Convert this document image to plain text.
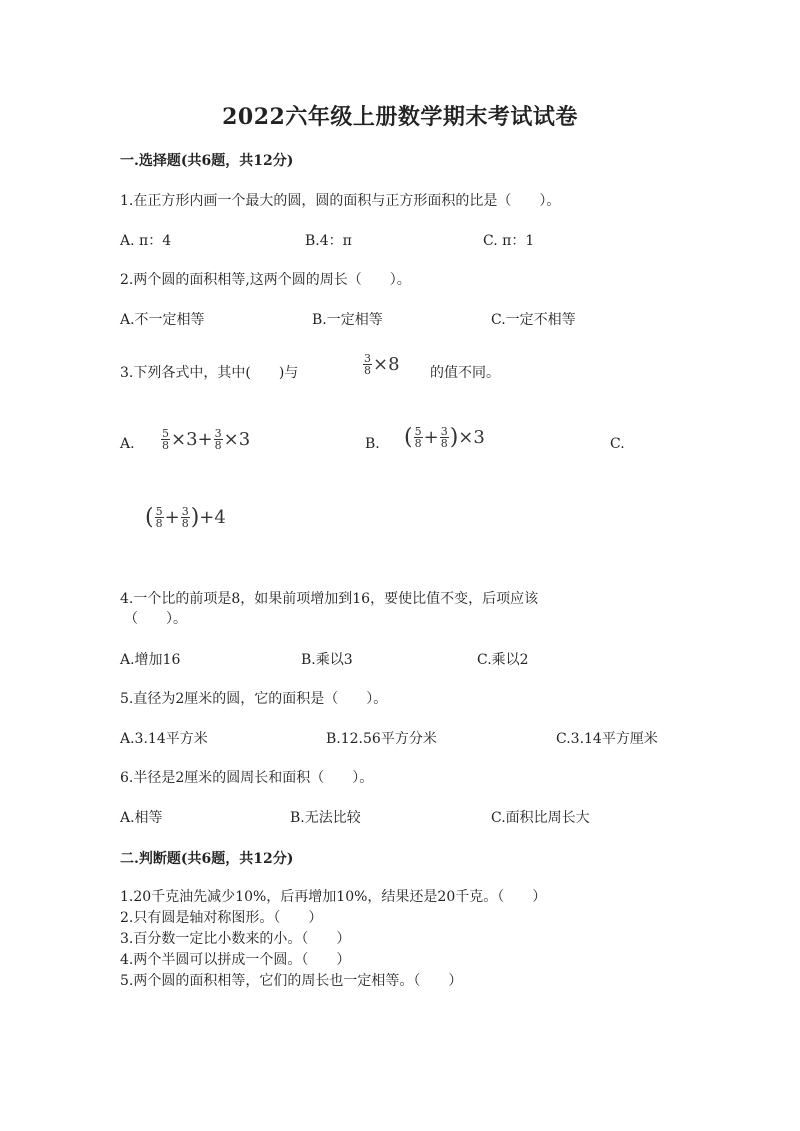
2022六年级上册数学期末考试试卷
一.选择题(共6题，共12分)
1.在正方形内画一个最大的圆，圆的面积与正方形面积的比是（　　）。
A. π：4	B.4：π	C. π：1
2.两个圆的面积相等,这两个圆的周长（　　）。
A.不一定相等	B.一定相等	C.一定不相等
3.下列各式中，其中(　　)与	$\frac{3}{8} \times 8$ 的值不同。
A. $\frac{5}{8} \times 3+ \frac{3}{8} \times 3$	B. ( $\frac{5}{8} + \frac{3}{8}$ ) ×3	C.
( $\frac{5}{8} + \frac{3}{8}$ ) +4
4.一个比的前项是8，如果前项增加到16，要使比值不变，后项应该
（　　）。
A.增加16	B.乘以3	C.乘以2
5.直径为2厘米的圆，它的面积是（　　）。
A.3.14平方米	B.12.56平方分米	C.3.14平方厘米
6.半径是2厘米的圆周长和面积（　　）。
A.相等	B.无法比较	C.面积比周长大
二.判断题(共6题，共12分)
1.20千克油先减少10%，后再增加10%，结果还是20千克。（　　）
2.只有圆是轴对称图形。（　　）
3.百分数一定比小数来的小。（　　）
4.两个半圆可以拼成一个圆。（　　）
5.两个圆的面积相等，它们的周长也一定相等。（　　）
